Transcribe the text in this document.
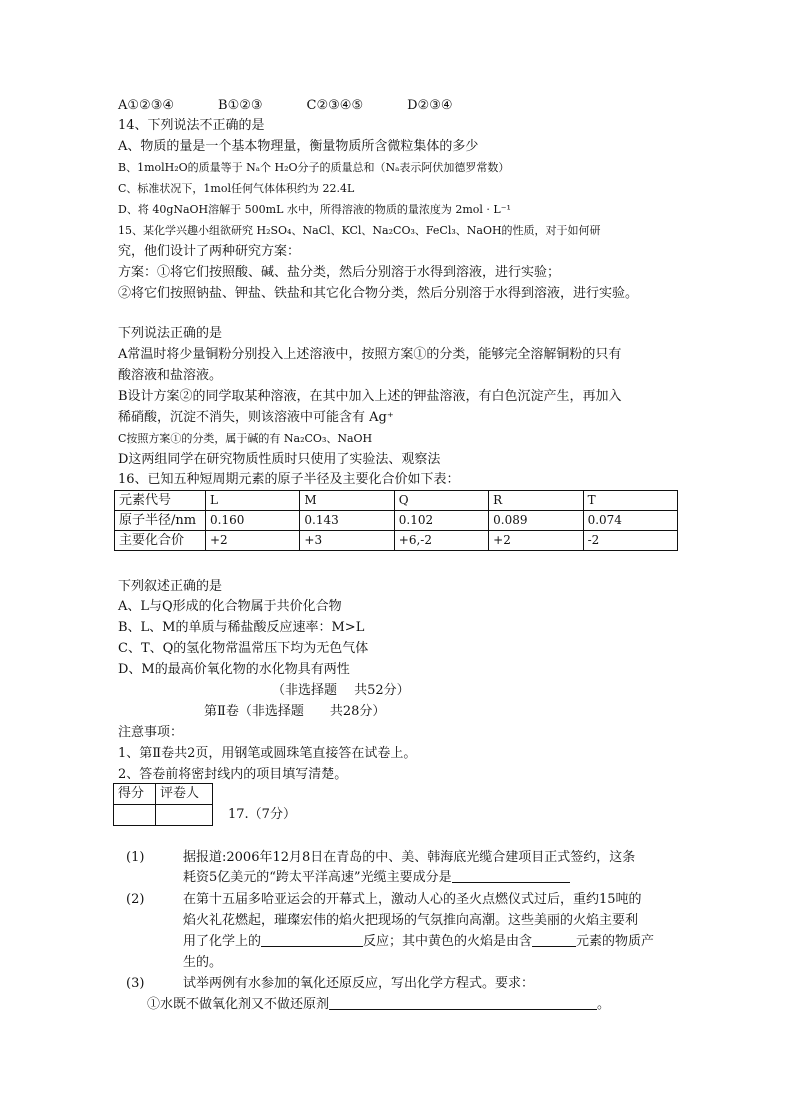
A①②③④	B①②③	C②③④⑤	D②③④
14、下列说法不正确的是
A、物质的量是一个基本物理量，衡量物质所含微粒集体的多少
B、1molH₂O的质量等于 Nₐ个 H₂O分子的质量总和（Nₐ表示阿伏加德罗常数）
C、标准状况下，1mol任何气体体积约为 22.4L
D、将 40gNaOH溶解于 500mL 水中，所得溶液的物质的量浓度为 2mol · L⁻¹
15、某化学兴趣小组欲研究 H₂SO₄、NaCl、KCl、Na₂CO₃、FeCl₃、NaOH的性质，对于如何研
究，他们设计了两种研究方案：
方案：①将它们按照酸、碱、盐分类，然后分别溶于水得到溶液，进行实验；
②将它们按照钠盐、钾盐、铁盐和其它化合物分类，然后分别溶于水得到溶液，进行实验。
下列说法正确的是
A常温时将少量铜粉分别投入上述溶液中，按照方案①的分类，能够完全溶解铜粉的只有
酸溶液和盐溶液。
B设计方案②的同学取某种溶液，在其中加入上述的钾盐溶液，有白色沉淀产生，再加入
稀硝酸，沉淀不消失，则该溶液中可能含有 Ag⁺
C按照方案①的分类，属于碱的有 Na₂CO₃、NaOH
D这两组同学在研究物质性质时只使用了实验法、观察法
16、已知五种短周期元素的原子半径及主要化合价如下表：
元素代号	L	M	Q	R	T
原子半径/nm	0.160	0.143	0.102	0.089	0.074
主要化合价	+2	+3	+6,-2	+2	-2
下列叙述正确的是
A、L与Q形成的化合物属于共价化合物
B、L、M的单质与稀盐酸反应速率：M>L
C、T、Q的氢化物常温常压下均为无色气体
D、M的最高价氧化物的水化物具有两性
（非选择题　 共52分）
第Ⅱ卷（非选择题　　共28分）
注意事项：
1、第Ⅱ卷共2页，用钢笔或圆珠笔直接答在试卷上。
2、答卷前将密封线内的项目填写清楚。
得分	评卷人

17.（7分）
(1)	据报道:2006年12月8日在青岛的中、美、韩海底光缆合建项目正式签约，这条
耗资5亿美元的“跨太平洋高速”光缆主要成分是
(2)	在第十五届多哈亚运会的开幕式上，激动人心的圣火点燃仪式过后，重约15吨的
焰火礼花燃起，璀璨宏伟的焰火把现场的气氛推向高潮。这些美丽的火焰主要利
用了化学上的	反应；其中黄色的火焰是由含	元素的物质产
生的。
(3)	试举两例有水参加的氧化还原反应，写出化学方程式。要求：
①水既不做氧化剂又不做还原剂	。
